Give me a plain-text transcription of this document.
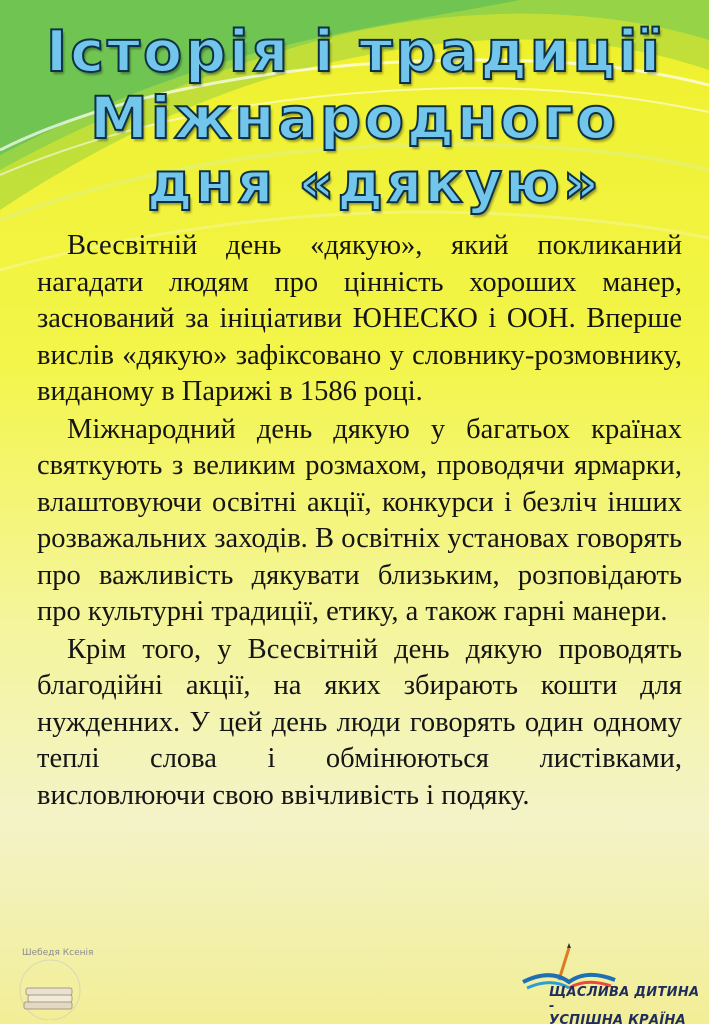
Історія і традиції
Міжнародного
дня «дякую»

Всесвітній день «дякую», який покликаний нагадати людям про цінність хороших манер, заснований за ініціативи ЮНЕСКО і ООН. Вперше вислів «дякую» зафіксовано у словнику-розмовнику, виданому в Парижі в 1586 році.

Міжнародний день дякую у багатьох країнах святкують з великим розмахом, проводячи ярмарки, влаштовуючи освітні акції, конкурси і безліч інших розважальних заходів. В освітніх установах говорять про важливість дякувати близьким, розповідають про культурні традиції, етику, а також гарні манери.

Крім того, у Всесвітній день дякую проводять благодійні акції, на яких збирають кошти для нужденних. У цей день люди говорять один одному теплі слова і обмінюються листівками, висловлюючи свою ввічливість і подяку.

Шебедя Ксенія
ЩАСЛИВА ДИТИНА -
УСПІШНА КРАЇНА
